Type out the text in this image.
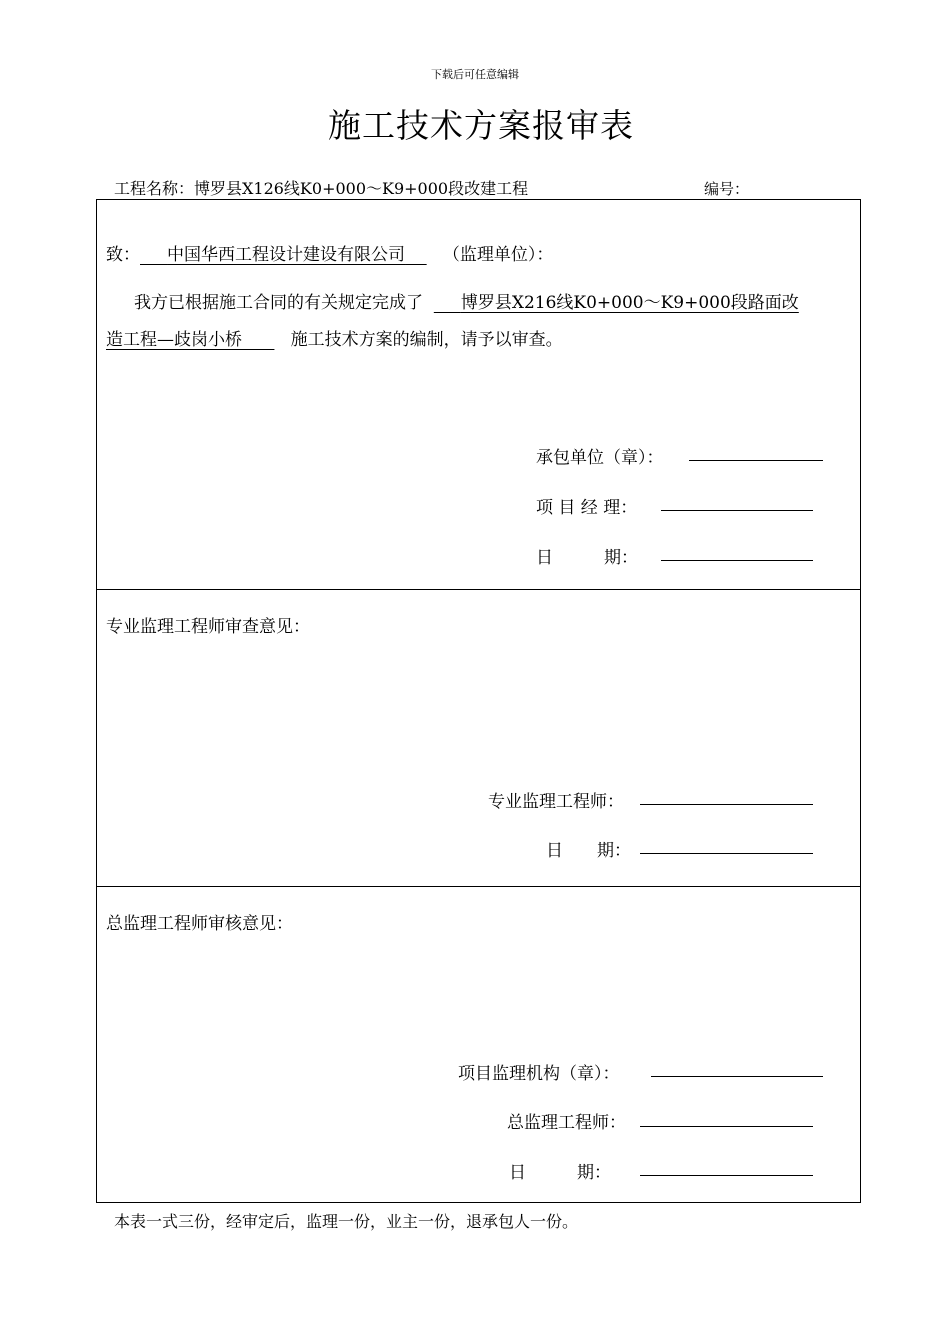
下载后可任意编辑
施工技术方案报审表
工程名称：博罗县X126线K0+000～K9+000段改建工程	编号：
致： 中国华西工程设计建设有限公司 （监理单位）：
我方已根据施工合同的有关规定完成了 博罗县X216线K0+000～K9+000段路面改
造工程—歧岗小桥	施工技术方案的编制，请予以审查。
承包单位（章）：
项 目 经 理：
日　　　期：
专业监理工程师审查意见：
专业监理工程师：
日　　期：
总监理工程师审核意见：
项目监理机构（章）：
总监理工程师：
日　　　期：
本表一式三份，经审定后，监理一份，业主一份，退承包人一份。
